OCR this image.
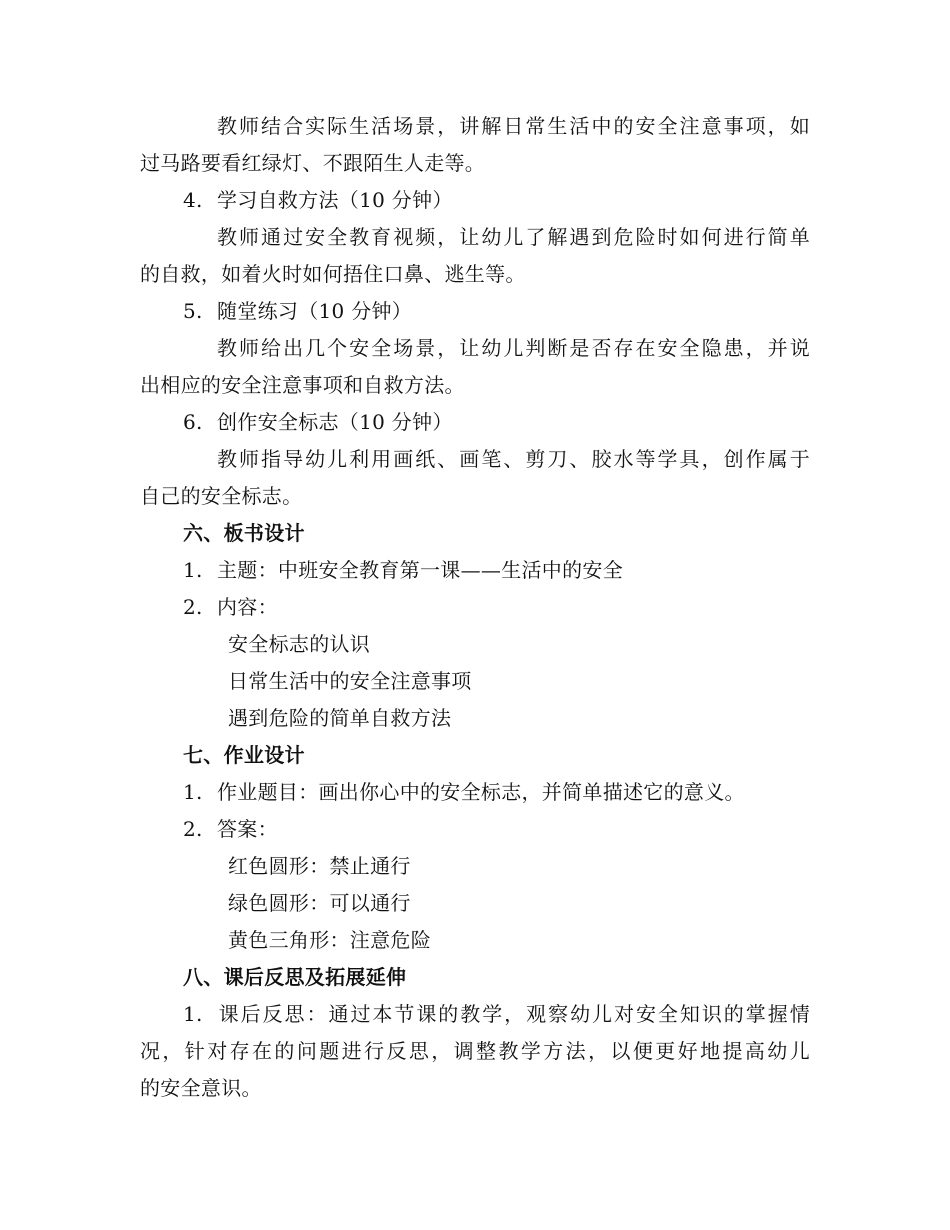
教师结合实际生活场景，讲解日常生活中的安全注意事项，如
过马路要看红绿灯、不跟陌生人走等。
4. 学习自救方法（10 分钟）
教师通过安全教育视频，让幼儿了解遇到危险时如何进行简单
的自救，如着火时如何捂住口鼻、逃生等。
5. 随堂练习（10 分钟）
教师给出几个安全场景，让幼儿判断是否存在安全隐患，并说
出相应的安全注意事项和自救方法。
6. 创作安全标志（10 分钟）
教师指导幼儿利用画纸、画笔、剪刀、胶水等学具，创作属于
自己的安全标志。
六、板书设计
1. 主题：中班安全教育第一课——生活中的安全
2. 内容：
安全标志的认识
日常生活中的安全注意事项
遇到危险的简单自救方法
七、作业设计
1. 作业题目：画出你心中的安全标志，并简单描述它的意义。
2. 答案：
红色圆形：禁止通行
绿色圆形：可以通行
黄色三角形：注意危险
八、课后反思及拓展延伸
1. 课后反思：通过本节课的教学，观察幼儿对安全知识的掌握情
况，针对存在的问题进行反思，调整教学方法，以便更好地提高幼儿
的安全意识。
